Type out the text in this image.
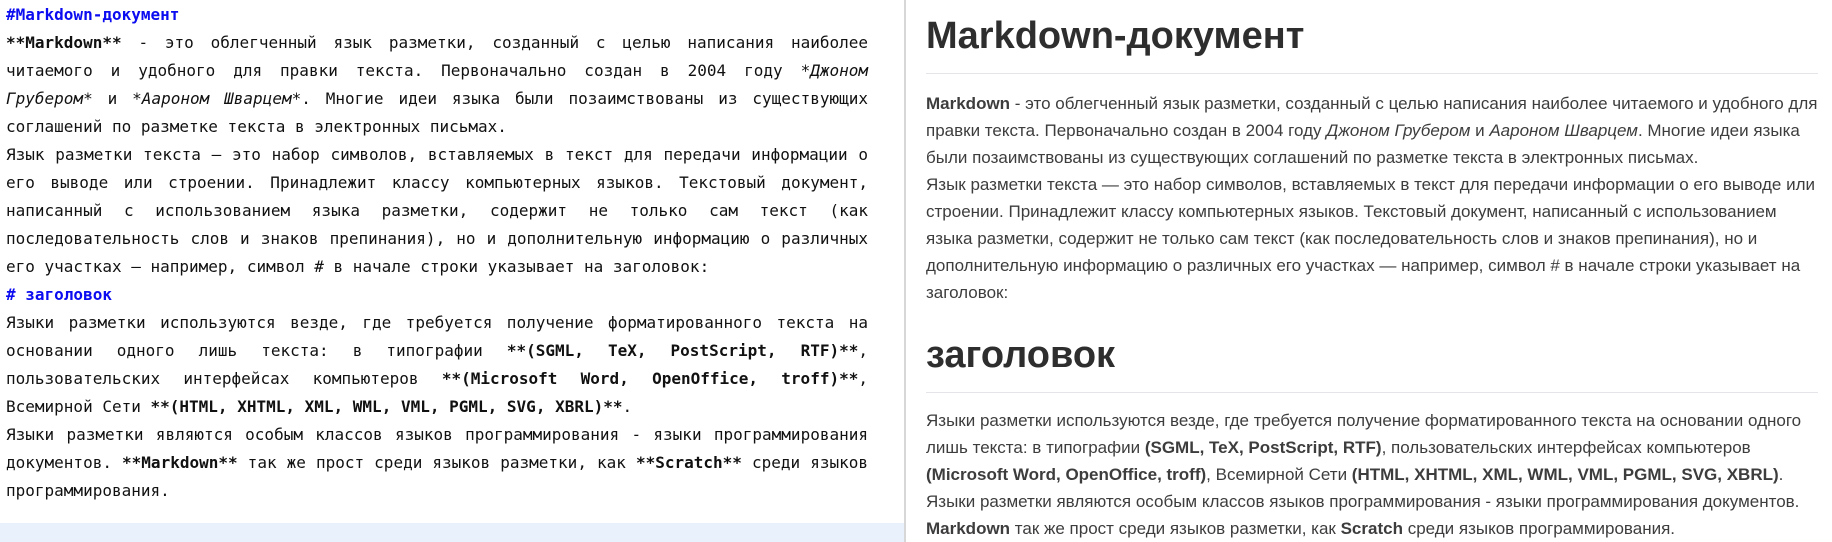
#Markdown-документ

**Markdown** - это облегченный язык разметки, созданный с целью написания наиболее читаемого и удобного для правки текста. Первоначально создан в 2004 году *Джоном Грубером* и *Аароном Шварцем*. Многие идеи языка были позаимствованы из существующих соглашений по разметке текста в электронных письмах.

Язык разметки текста — это набор символов, вставляемых в текст для передачи информации о его выводе или строении. Принадлежит классу компьютерных языков. Текстовый документ, написанный с использованием языка разметки, содержит не только сам текст (как последовательность слов и знаков препинания), но и дополнительную информацию о различных его участках — например, символ # в начале строки указывает на заголовок:

# заголовок

Языки разметки используются везде, где требуется получение форматированного текста на основании одного лишь текста: в типографии **(SGML, TeX, PostScript, RTF)**, пользовательских интерфейсах компьютеров **(Microsoft Word, OpenOffice, troff)**, Всемирной Сети **(HTML, XHTML, XML, WML, VML, PGML, SVG, XBRL)**.

Языки разметки являются особым классов языков программирования - языки программирования документов. **Markdown** так же прост среди языков разметки, как **Scratch** среди языков программирования.

Markdown-документ

Markdown - это облегченный язык разметки, созданный с целью написания наиболее читаемого и удобного для правки текста. Первоначально создан в 2004 году Джоном Грубером и Аароном Шварцем. Многие идеи языка были позаимствованы из существующих соглашений по разметке текста в электронных письмах.
Язык разметки текста — это набор символов, вставляемых в текст для передачи информации о его выводе или строении. Принадлежит классу компьютерных языков. Текстовый документ, написанный с использованием языка разметки, содержит не только сам текст (как последовательность слов и знаков препинания), но и дополнительную информацию о различных его участках — например, символ # в начале строки указывает на заголовок:

заголовок

Языки разметки используются везде, где требуется получение форматированного текста на основании одного лишь текста: в типографии (SGML, TeX, PostScript, RTF), пользовательских интерфейсах компьютеров (Microsoft Word, OpenOffice, troff), Всемирной Сети (HTML, XHTML, XML, WML, VML, PGML, SVG, XBRL).
Языки разметки являются особым классов языков программирования - языки программирования документов. Markdown так же прост среди языков разметки, как Scratch среди языков программирования.
